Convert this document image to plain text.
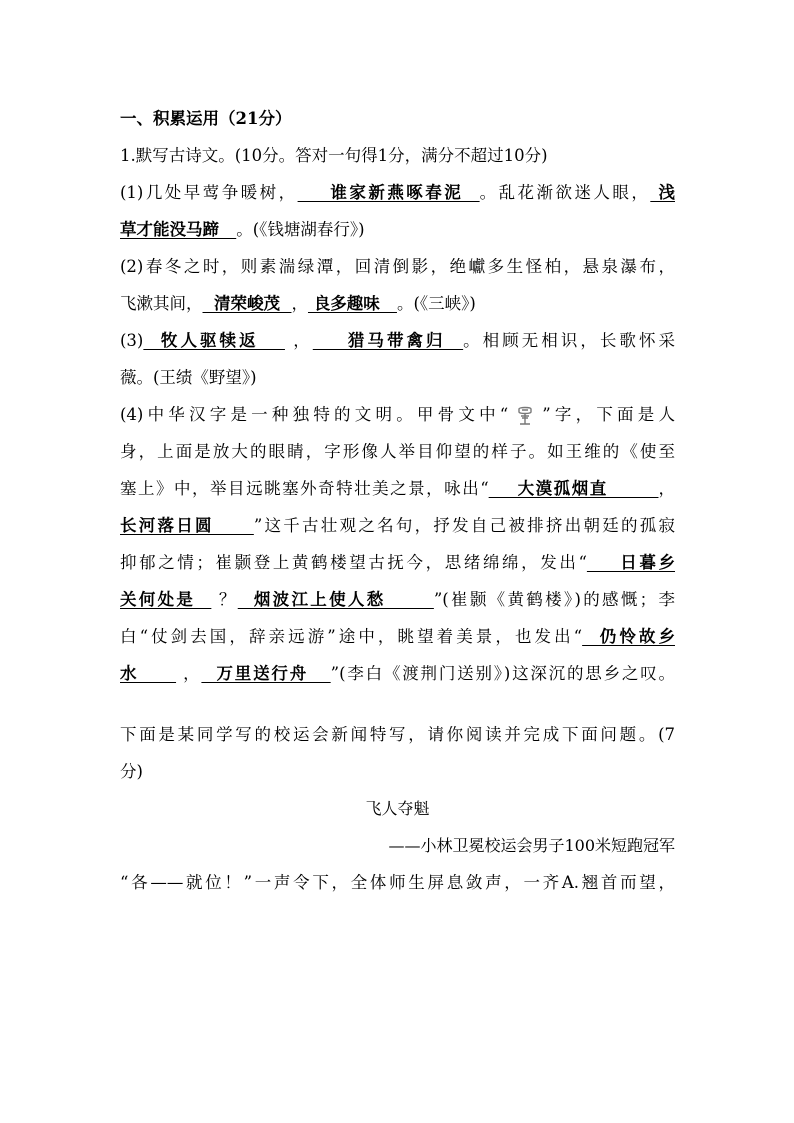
一、积累运用（21分）
1.默写古诗文。(10分。答对一句得1分，满分不超过10分)
(1)几处早莺争暖树，    谁家新燕啄春泥  。乱花渐欲迷人眼， 浅
草才能没马蹄   。(《钱塘湖春行》)
(2)春冬之时，则素湍绿潭，回清倒影，绝巘多生怪柏，悬泉瀑布，
飞漱其间，  清荣峻茂  ， 良多趣味   。(《三峡》)
(3)  牧人驱犊返    ，    猎马带禽归  。相顾无相识，长歌怀采
薇。(王绩《野望》)
(4)中华汉字是一种独特的文明。甲骨文中“ ”字，下面是人
身，上面是放大的眼睛，字形像人举目仰望的样子。如王维的《使至
塞上》中，举目远眺塞外奇特壮美之景，咏出“    大漠孤烟直       ，
长河落日圆     ”这千古壮观之名句，抒发自己被排挤出朝廷的孤寂
抑郁之情；崔颢登上黄鹤楼望古抚今，思绪绵绵，发出“    日暮乡
关何处是   ？  烟波江上使人愁      ”(崔颢《黄鹤楼》)的感慨；李
白“仗剑去国，辞亲远游”途中，眺望着美景，也发出“  仍怜故乡
水      ，  万里送行舟   ”(李白《渡荆门送别》)这深沉的思乡之叹。
下面是某同学写的校运会新闻特写，请你阅读并完成下面问题。(7
分)
飞人夺魁
——小林卫冕校运会男子100米短跑冠军
“各——就位！”一声令下，全体师生屏息敛声，一齐A.翘首而望，
